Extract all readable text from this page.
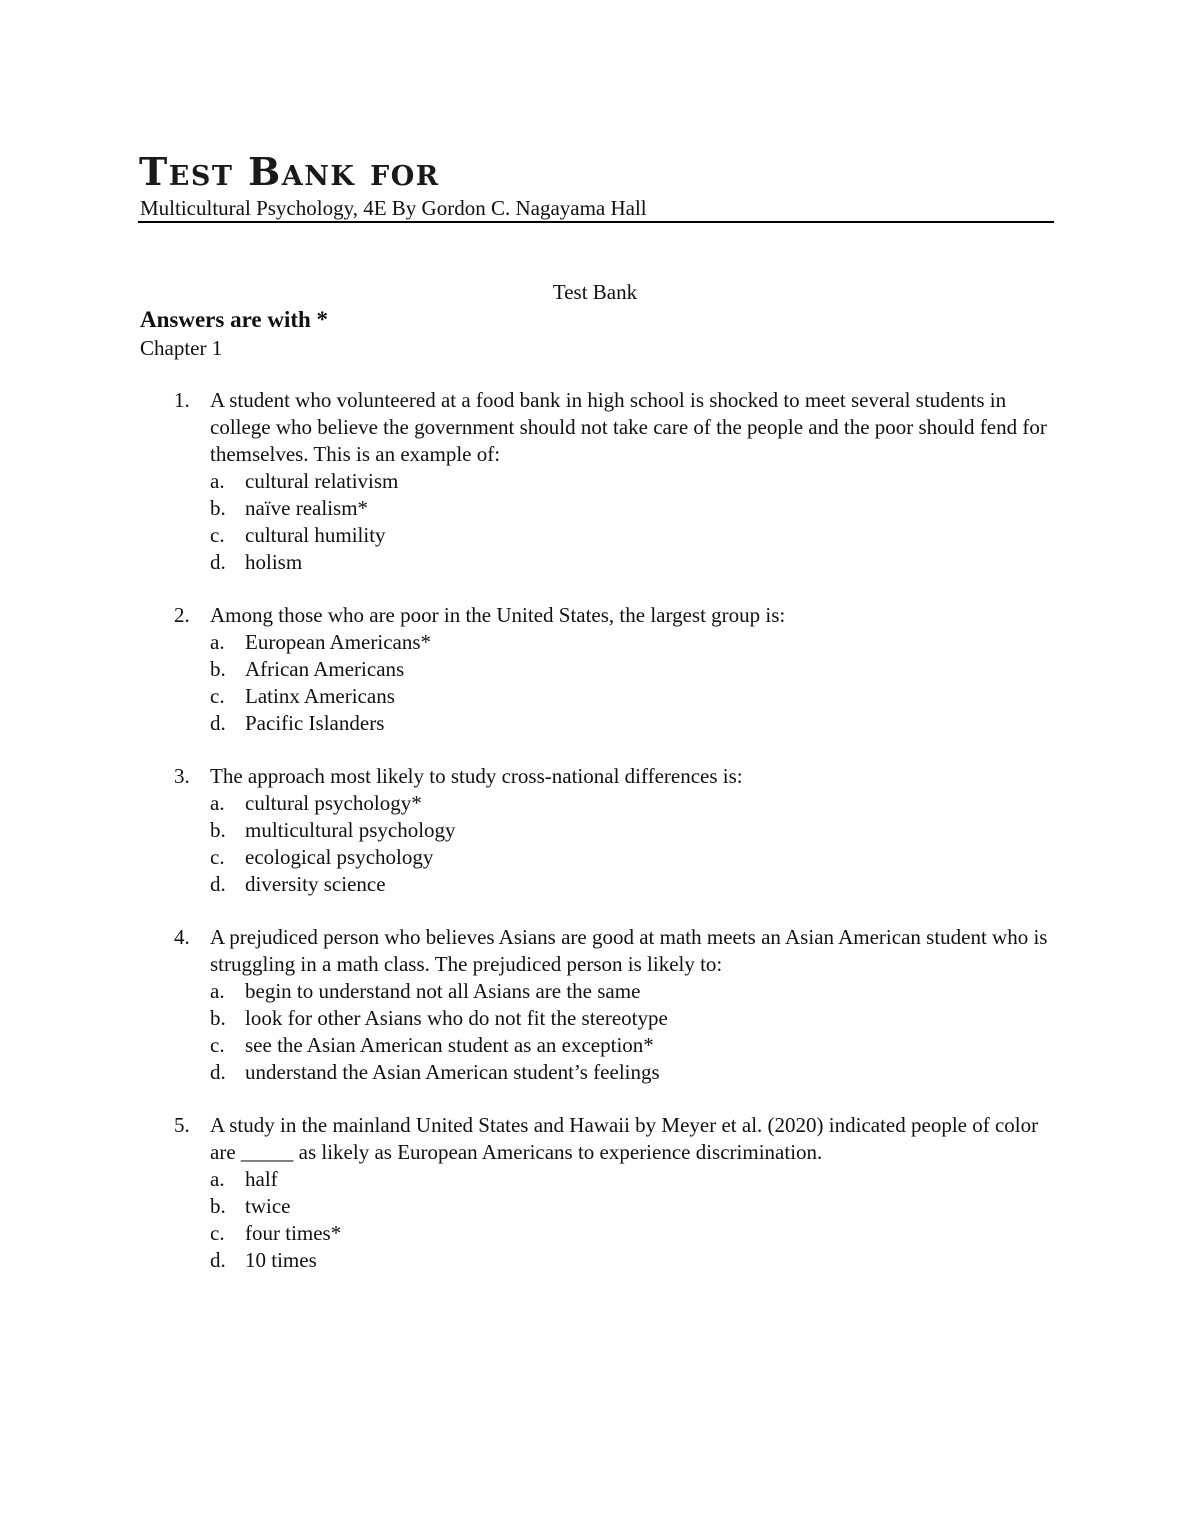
Test Bank for
Multicultural Psychology, 4E By Gordon C. Nagayama Hall
Test Bank
Answers are with *
Chapter 1
1. A student who volunteered at a food bank in high school is shocked to meet several students in college who believe the government should not take care of the people and the poor should fend for themselves. This is an example of:
a. cultural relativism
b. naïve realism*
c. cultural humility
d. holism
2. Among those who are poor in the United States, the largest group is:
a. European Americans*
b. African Americans
c. Latinx Americans
d. Pacific Islanders
3. The approach most likely to study cross-national differences is:
a. cultural psychology*
b. multicultural psychology
c. ecological psychology
d. diversity science
4. A prejudiced person who believes Asians are good at math meets an Asian American student who is struggling in a math class. The prejudiced person is likely to:
a. begin to understand not all Asians are the same
b. look for other Asians who do not fit the stereotype
c. see the Asian American student as an exception*
d. understand the Asian American student’s feelings
5. A study in the mainland United States and Hawaii by Meyer et al. (2020) indicated people of color are _____ as likely as European Americans to experience discrimination.
a. half
b. twice
c. four times*
d. 10 times
